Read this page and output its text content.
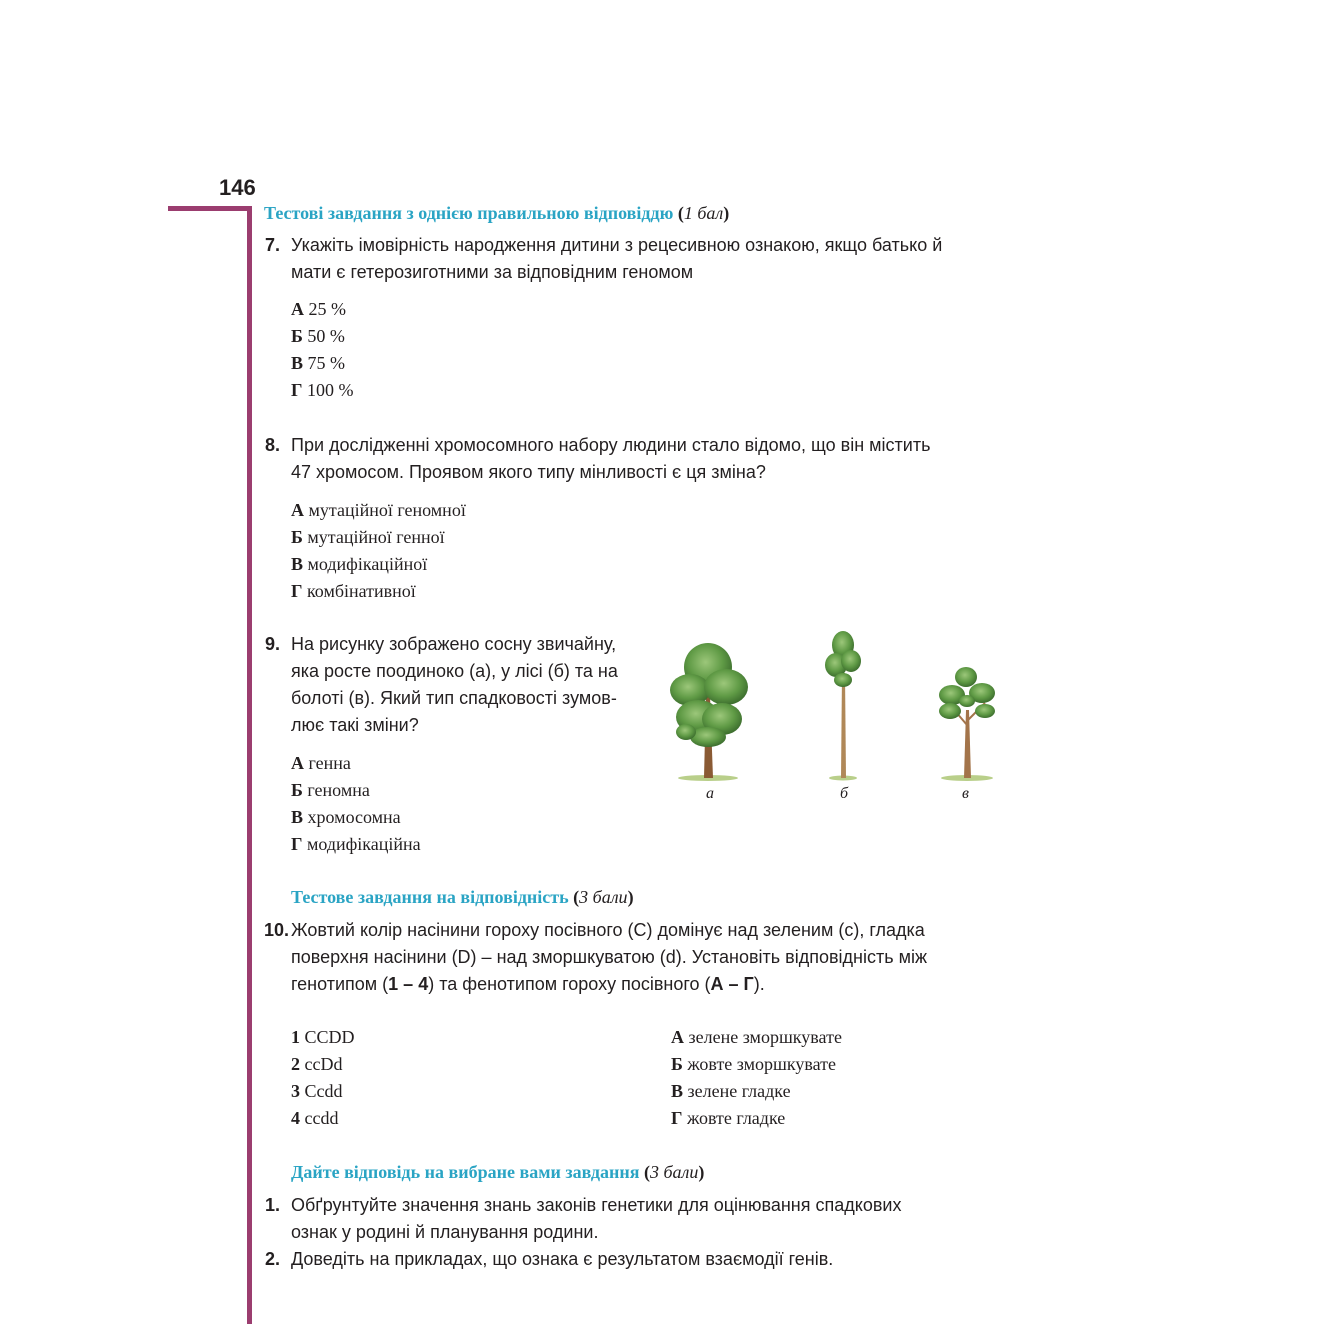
146
Тестові завдання з однією правильною відповіддю (1 бал)
7. Укажіть імовірність народження дитини з рецесивною ознакою, якщо батько й
мати є гетерозиготними за відповідним геномом
А 25 %
Б 50 %
В 75 %
Г 100 %
8. При дослідженні хромосомного набору людини стало відомо, що він містить
47 хромосом. Проявом якого типу мінливості є ця зміна?
А мутаційної геномної
Б мутаційної генної
В модифікаційної
Г комбінативної
9. На рисунку зображено сосну звичайну,
яка росте поодиноко (а), у лісі (б) та на
болоті (в). Який тип спадковості зумов-
лює такі зміни?
А генна
Б геномна
В хромосомна
Г модифікаційна
а	б	в
Тестове завдання на відповідність (3 бали)
10. Жовтий колір насінини гороху посівного (С) домінує над зеленим (с), гладка
поверхня насінини (D) – над зморшкуватою (d). Установіть відповідність між
генотипом (1 – 4) та фенотипом гороху посівного (А – Г).
1 CCDD
2 ccDd
3 Ccdd
4 ccdd
А зелене зморшкувате
Б жовте зморшкувате
В зелене гладке
Г жовте гладке
Дайте відповідь на вибране вами завдання (3 бали)
1. Обґрунтуйте значення знань законів генетики для оцінювання спадкових
ознак у родині й планування родини.
2. Доведіть на прикладах, що ознака є результатом взаємодії генів.
